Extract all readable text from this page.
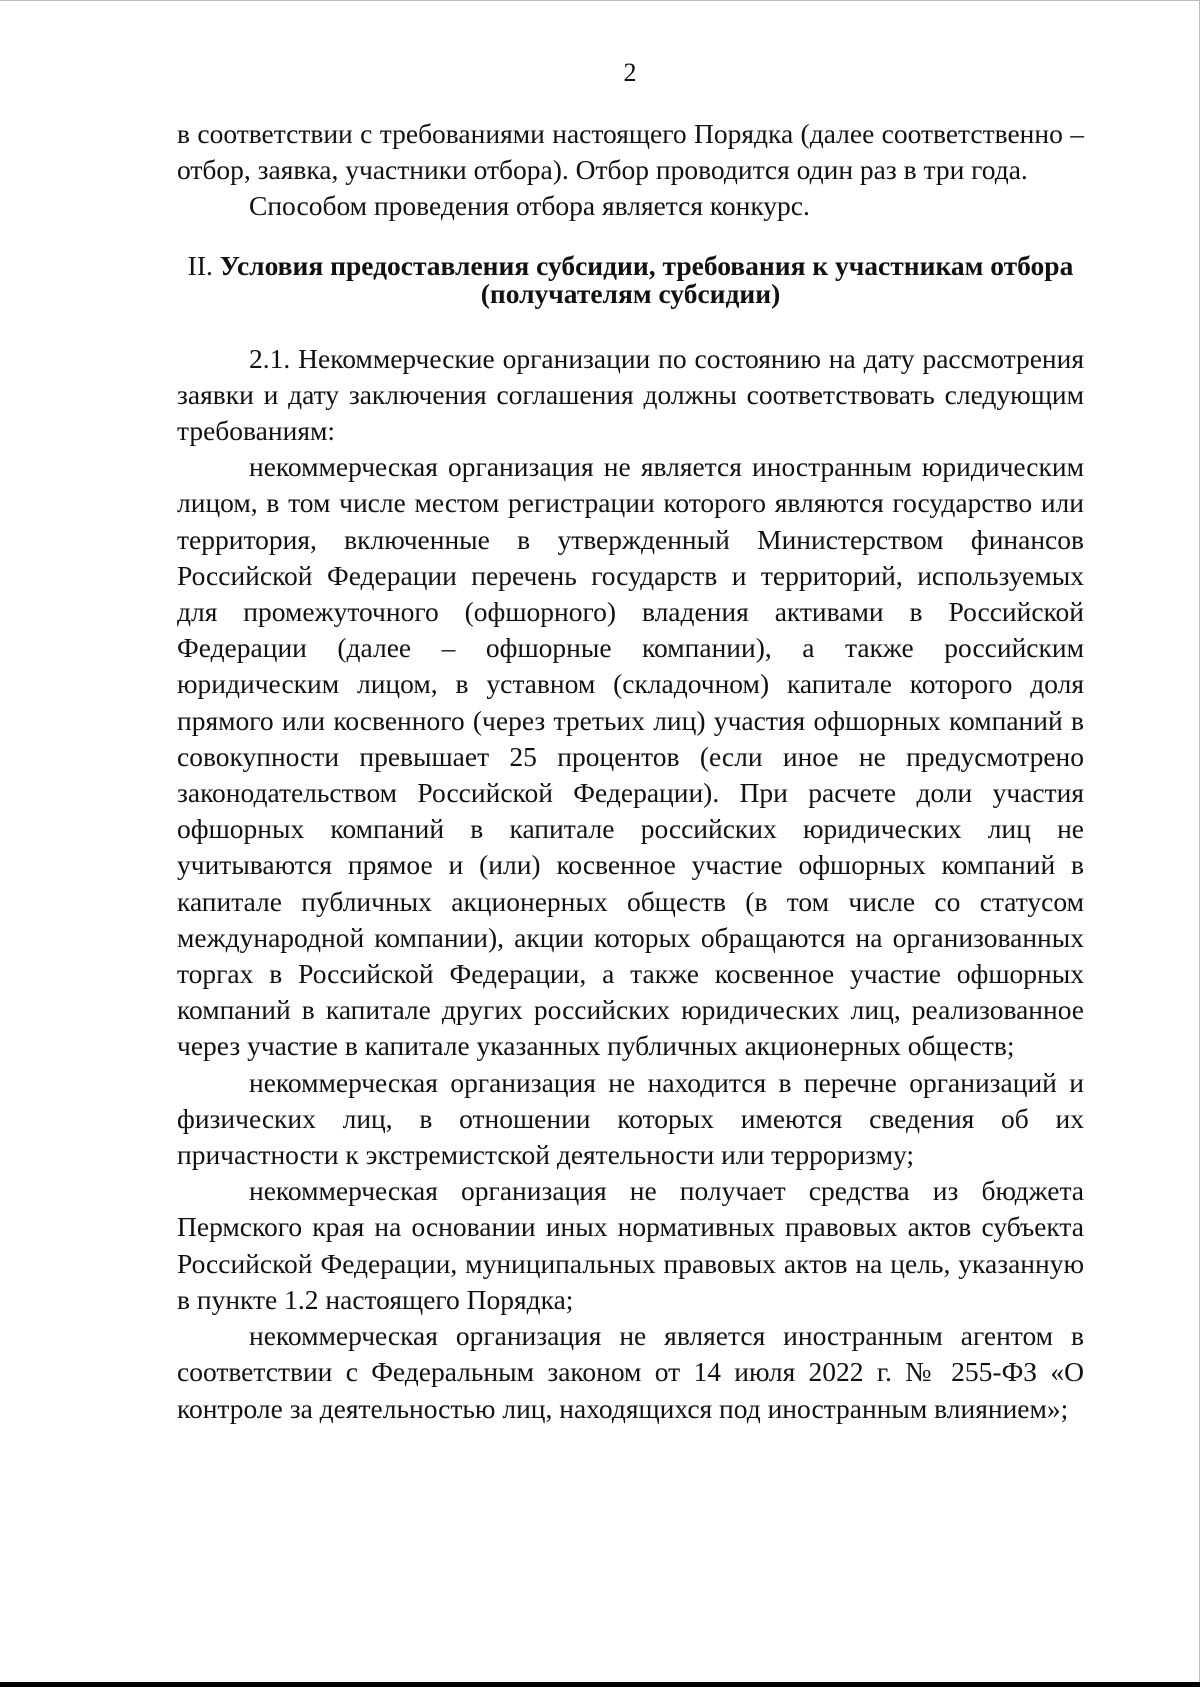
2

в соответствии с требованиями настоящего Порядка (далее соответственно – отбор, заявка, участники отбора). Отбор проводится один раз в три года.

Способом проведения отбора является конкурс.

II. Условия предоставления субсидии, требования к участникам отбора (получателям субсидии)

2.1. Некоммерческие организации по состоянию на дату рассмотрения заявки и дату заключения соглашения должны соответствовать следующим требованиям:

некоммерческая организация не является иностранным юридическим лицом, в том числе местом регистрации которого являются государство или территория, включенные в утвержденный Министерством финансов Российской Федерации перечень государств и территорий, используемых для промежуточного (офшорного) владения активами в Российской Федерации (далее – офшорные компании), а также российским юридическим лицом, в уставном (складочном) капитале которого доля прямого или косвенного (через третьих лиц) участия офшорных компаний в совокупности превышает 25 процентов (если иное не предусмотрено законодательством Российской Федерации). При расчете доли участия офшорных компаний в капитале российских юридических лиц не учитываются прямое и (или) косвенное участие офшорных компаний в капитале публичных акционерных обществ (в том числе со статусом международной компании), акции которых обращаются на организованных торгах в Российской Федерации, а также косвенное участие офшорных компаний в капитале других российских юридических лиц, реализованное через участие в капитале указанных публичных акционерных обществ;

некоммерческая организация не находится в перечне организаций и физических лиц, в отношении которых имеются сведения об их причастности к экстремистской деятельности или терроризму;

некоммерческая организация не получает средства из бюджета Пермского края на основании иных нормативных правовых актов субъекта Российской Федерации, муниципальных правовых актов на цель, указанную в пункте 1.2 настоящего Порядка;

некоммерческая организация не является иностранным агентом в соответствии с Федеральным законом от 14 июля 2022 г. № 255-ФЗ «О контроле за деятельностью лиц, находящихся под иностранным влиянием»;
